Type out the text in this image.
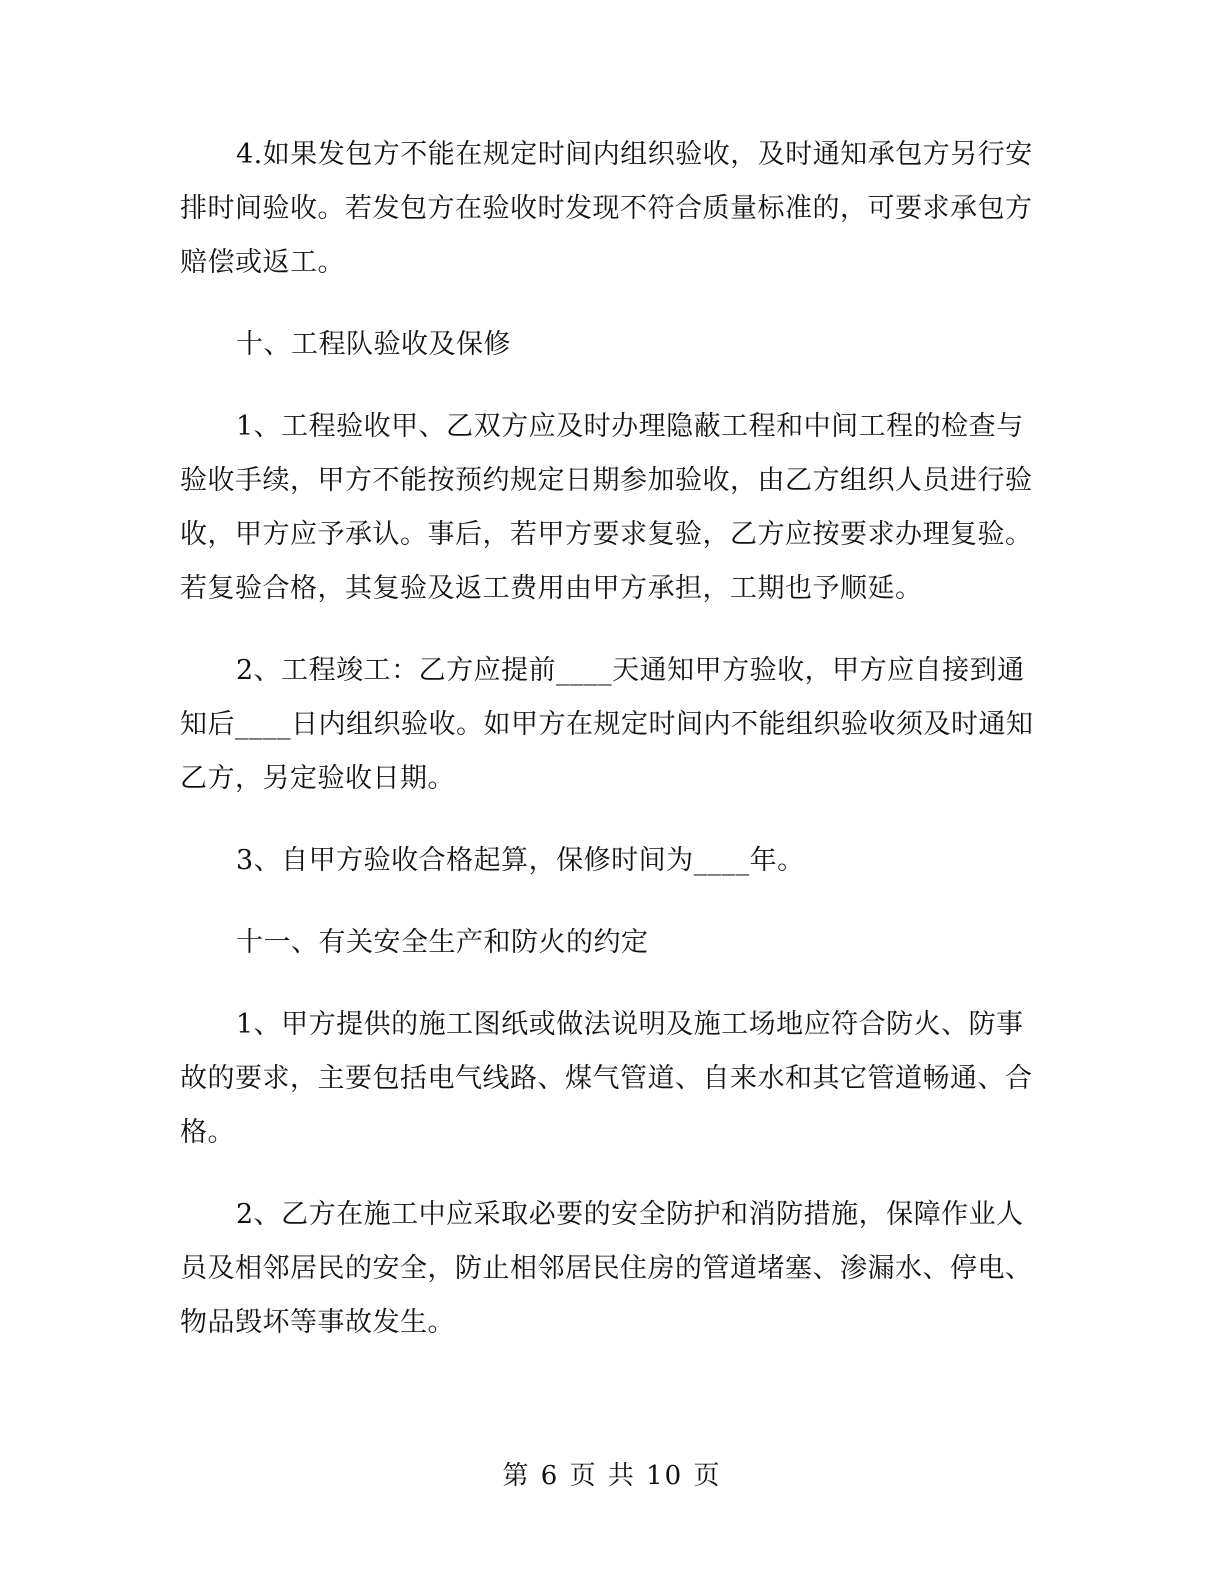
4.如果发包方不能在规定时间内组织验收，及时通知承包方另行安排时间验收。若发包方在验收时发现不符合质量标准的，可要求承包方赔偿或返工。

十、工程队验收及保修

1、工程验收甲、乙双方应及时办理隐蔽工程和中间工程的检查与验收手续，甲方不能按预约规定日期参加验收，由乙方组织人员进行验收，甲方应予承认。事后，若甲方要求复验，乙方应按要求办理复验。若复验合格，其复验及返工费用由甲方承担，工期也予顺延。

2、工程竣工：乙方应提前____天通知甲方验收，甲方应自接到通知后____日内组织验收。如甲方在规定时间内不能组织验收须及时通知乙方，另定验收日期。

3、自甲方验收合格起算，保修时间为____年。

十一、有关安全生产和防火的约定

1、甲方提供的施工图纸或做法说明及施工场地应符合防火、防事故的要求，主要包括电气线路、煤气管道、自来水和其它管道畅通、合格。

2、乙方在施工中应采取必要的安全防护和消防措施，保障作业人员及相邻居民的安全，防止相邻居民住房的管道堵塞、渗漏水、停电、物品毁坏等事故发生。

第 6 页 共 10 页
